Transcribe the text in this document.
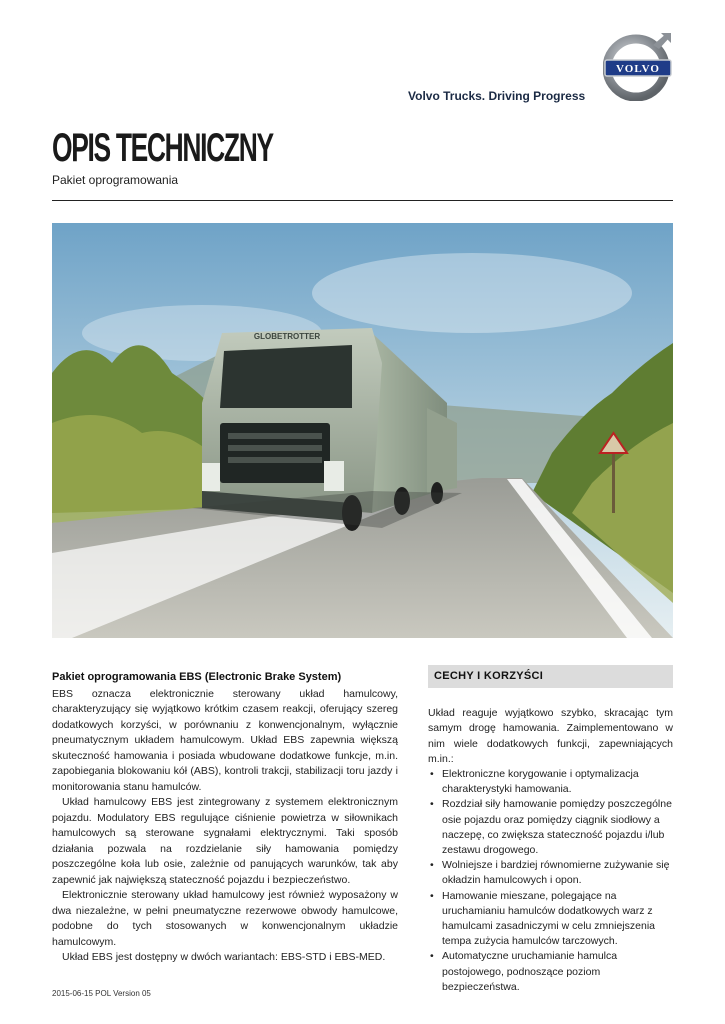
VOLVO
Volvo Trucks. Driving Progress
OPIS TECHNICZNY
Pakiet oprogramowania
GLOBETROTTER
Pakiet oprogramowania EBS (Electronic Brake System)

EBS oznacza elektronicznie sterowany układ hamulcowy, charakteryzujący się wyjątkowo krótkim czasem reakcji, oferujący szereg dodatkowych korzyści, w porównaniu z konwencjonalnym, wyłącznie pneumatycznym układem hamulcowym. Układ EBS zapewnia większą skuteczność hamowania i posiada wbudowane dodatkowe funkcje, m.in. zapobiegania blokowaniu kół (ABS), kontroli trakcji, stabilizacji toru jazdy i monitorowania stanu hamulców.

Układ hamulcowy EBS jest zintegrowany z systemem elektronicznym pojazdu. Modulatory EBS regulujące ciśnienie powietrza w siłownikach hamulcowych są sterowane sygnałami elektrycznymi. Taki sposób działania pozwala na rozdzielanie siły hamowania pomiędzy poszczególne koła lub osie, zależnie od panujących warunków, tak aby zapewnić jak największą stateczność pojazdu i bezpieczeństwo.

Elektronicznie sterowany układ hamulcowy jest również wyposażony w dwa niezależne, w pełni pneumatyczne rezerwowe obwody hamulcowe, podobne do tych stosowanych w konwencjonalnym układzie hamulcowym.

Układ EBS jest dostępny w dwóch wariantach: EBS-STD i EBS-MED.

CECHY I KORZYŚCI

Układ reaguje wyjątkowo szybko, skracając tym samym drogę hamowania. Zaimplementowano w nim wiele dodatkowych funkcji, zapewniających m.in.:

• Elektroniczne korygowanie i optymalizacja charakterystyki hamowania.
• Rozdział siły hamowanie pomiędzy poszczególne osie pojazdu oraz pomiędzy ciągnik siodłowy a naczepę, co zwiększa stateczność pojazdu i/lub zestawu drogowego.
• Wolniejsze i bardziej równomierne zużywanie się okładzin hamulcowych i opon.
• Hamowanie mieszane, polegające na uruchamianiu hamulców dodatkowych warz z hamulcami zasadniczymi w celu zmniejszenia tempa zużycia hamulców tarczowych.
• Automatyczne uruchamianie hamulca postojowego, podnoszące poziom bezpieczeństwa.
2015-06-15 POL Version 05
